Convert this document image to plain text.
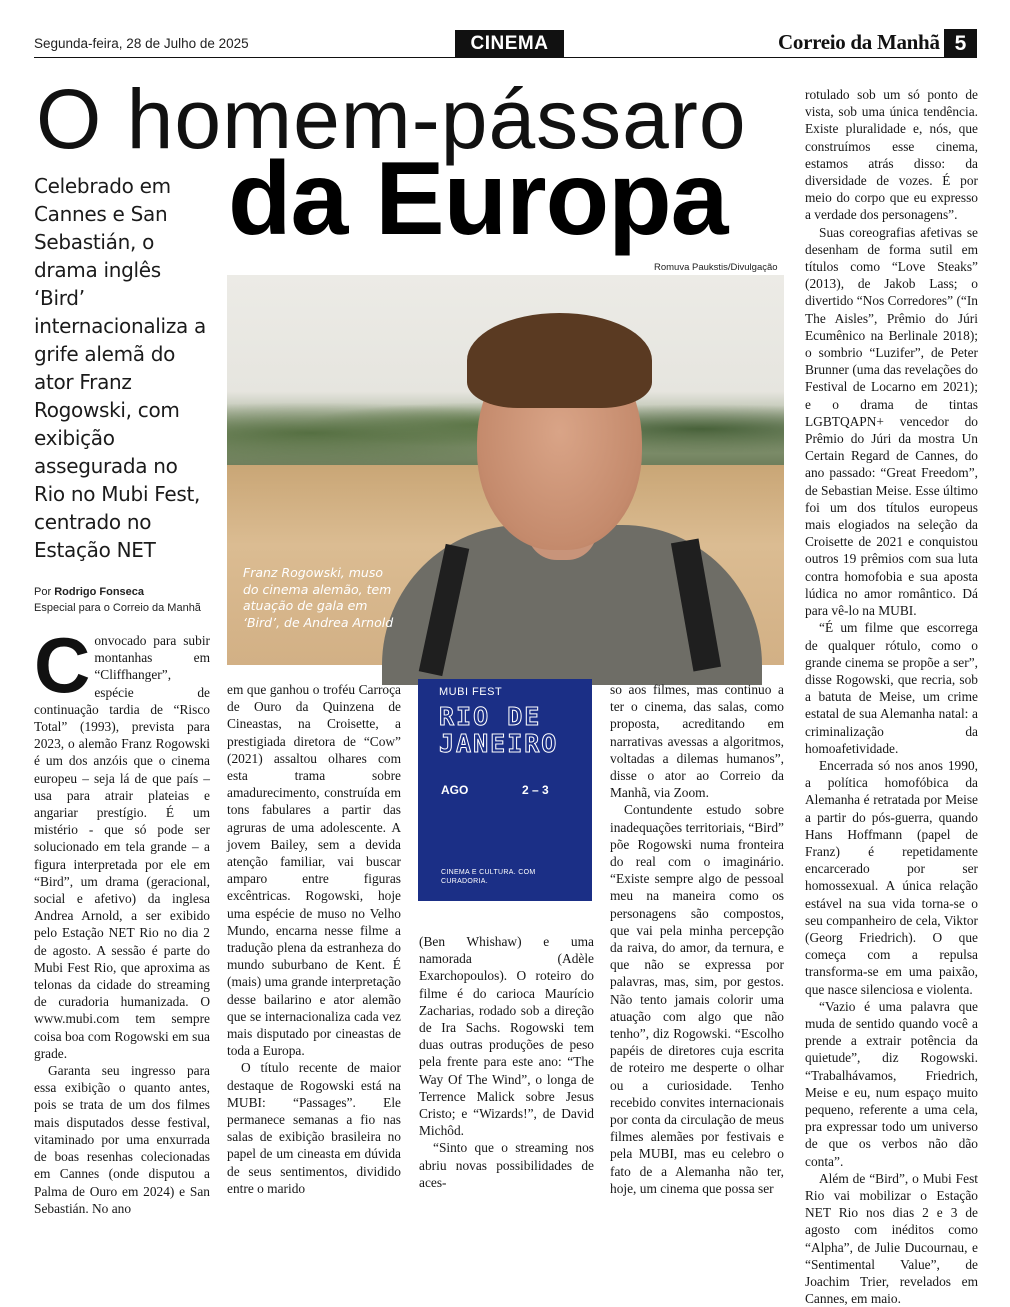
Segunda-feira, 28 de Julho de 2025	CINEMA	Correio da Manhã 5
O homem-pássaro
da Europa
Celebrado em Cannes e San Sebastián, o drama inglês ‘Bird’ internacionaliza a grife alemã do ator Franz Rogowski, com exibição assegurada no Rio no Mubi Fest, centrado no Estação NET
Por Rodrigo Fonseca
Especial para o Correio da Manhã
Romuva Paukstis/Divulgação
Franz Rogowski, muso do cinema alemão, tem atuação de gala em ‘Bird’, de Andrea Arnold
MUBI FEST
RIO DE JANEIRO
AGO	2 – 3
CINEMA E CULTURA. COM CURADORIA.

Convocado para subir montanhas em “Cliffhanger”, espécie de continuação tardia de “Risco Total” (1993), prevista para 2023, o alemão Franz Rogowski é um dos anzóis que o cinema europeu – seja lá de que país – usa para atrair plateias e angariar prestígio. É um mistério - que só pode ser solucionado em tela grande – a figura interpretada por ele em “Bird”, um drama (geracional, social e afetivo) da inglesa Andrea Arnold, a ser exibido pelo Estação NET Rio no dia 2 de agosto. A sessão é parte do Mubi Fest Rio, que aproxima as telonas da cidade do streaming de curadoria humanizada. O www.mubi.com tem sempre coisa boa com Rogowski em sua grade.

Garanta seu ingresso para essa exibição o quanto antes, pois se trata de um dos filmes mais disputados desse festival, vitaminado por uma enxurrada de boas resenhas colecionadas em Cannes (onde disputou a Palma de Ouro em 2024) e San Sebastián. No ano

em que ganhou o troféu Carroça de Ouro da Quinzena de Cineastas, na Croisette, a prestigiada diretora de “Cow” (2021) assaltou olhares com esta trama sobre amadurecimento, construída em tons fabulares a partir das agruras de uma adolescente. A jovem Bailey, sem a devida atenção familiar, vai buscar amparo entre figuras excêntricas. Rogowski, hoje uma espécie de muso no Velho Mundo, encarna nesse filme a tradução plena da estranheza do mundo suburbano de Kent. É (mais) uma grande interpretação desse bailarino e ator alemão que se internacionaliza cada vez mais disputado por cineastas de toda a Europa.

O título recente de maior destaque de Rogowski está na MUBI: “Passages”. Ele permanece semanas a fio nas salas de exibição brasileira no papel de um cineasta em dúvida de seus sentimentos, dividido entre o marido

(Ben Whishaw) e uma namorada (Adèle Exarchopoulos). O roteiro do filme é do carioca Maurício Zacharias, rodado sob a direção de Ira Sachs. Rogowski tem duas outras produções de peso pela frente para este ano: “The Way Of The Wind”, o longa de Terrence Malick sobre Jesus Cristo; e “Wizards!”, de David Michôd.

“Sinto que o streaming nos abriu novas possibilidades de aces-

so aos filmes, mas continuo a ter o cinema, das salas, como proposta, acreditando em narrativas avessas a algoritmos, voltadas a dilemas humanos”, disse o ator ao Correio da Manhã, via Zoom.

Contundente estudo sobre inadequações territoriais, “Bird” põe Rogowski numa fronteira do real com o imaginário. “Existe sempre algo de pessoal meu na maneira como os personagens são compostos, que vai pela minha percepção da raiva, do amor, da ternura, e que não se expressa por palavras, mas, sim, por gestos. Não tento jamais colorir uma atuação com algo que não tenho”, diz Rogowski. “Escolho papéis de diretores cuja escrita de roteiro me desperte o olhar ou a curiosidade. Tenho recebido convites internacionais por conta da circulação de meus filmes alemães por festivais e pela MUBI, mas eu celebro o fato de a Alemanha não ter, hoje, um cinema que possa ser

rotulado sob um só ponto de vista, sob uma única tendência. Existe pluralidade e, nós, que construímos esse cinema, estamos atrás disso: da diversidade de vozes. É por meio do corpo que eu expresso a verdade dos personagens”.

Suas coreografias afetivas se desenham de forma sutil em títulos como “Love Steaks” (2013), de Jakob Lass; o divertido “Nos Corredores” (“In The Aisles”, Prêmio do Júri Ecumênico na Berlinale 2018); o sombrio “Luzifer”, de Peter Brunner (uma das revelações do Festival de Locarno em 2021); e o drama de tintas LGBTQAPN+ vencedor do Prêmio do Júri da mostra Un Certain Regard de Cannes, do ano passado: “Great Freedom”, de Sebastian Meise. Esse último foi um dos títulos europeus mais elogiados na seleção da Croisette de 2021 e conquistou outros 19 prêmios com sua luta contra homofobia e sua aposta lúdica no amor romântico. Dá para vê-lo na MUBI.

“É um filme que escorrega de qualquer rótulo, como o grande cinema se propõe a ser”, disse Rogowski, que recria, sob a batuta de Meise, um crime estatal de sua Alemanha natal: a criminalização da homoafetividade.

Encerrada só nos anos 1990, a política homofóbica da Alemanha é retratada por Meise a partir do pós-guerra, quando Hans Hoffmann (papel de Franz) é repetidamente encarcerado por ser homossexual. A única relação estável na sua vida torna-se o seu companheiro de cela, Viktor (Georg Friedrich). O que começa com a repulsa transforma-se em uma paixão, que nasce silenciosa e violenta.

“Vazio é uma palavra que muda de sentido quando você a prende a extrair potência da quietude”, diz Rogowski. “Trabalhávamos, Friedrich, Meise e eu, num espaço muito pequeno, referente a uma cela, pra expressar todo um universo de que os verbos não dão conta”.

Além de “Bird”, o Mubi Fest Rio vai mobilizar o Estação NET Rio nos dias 2 e 3 de agosto com inéditos como “Alpha”, de Julie Ducournau, e “Sentimental Value”, de Joachim Trier, revelados em Cannes, em maio.
